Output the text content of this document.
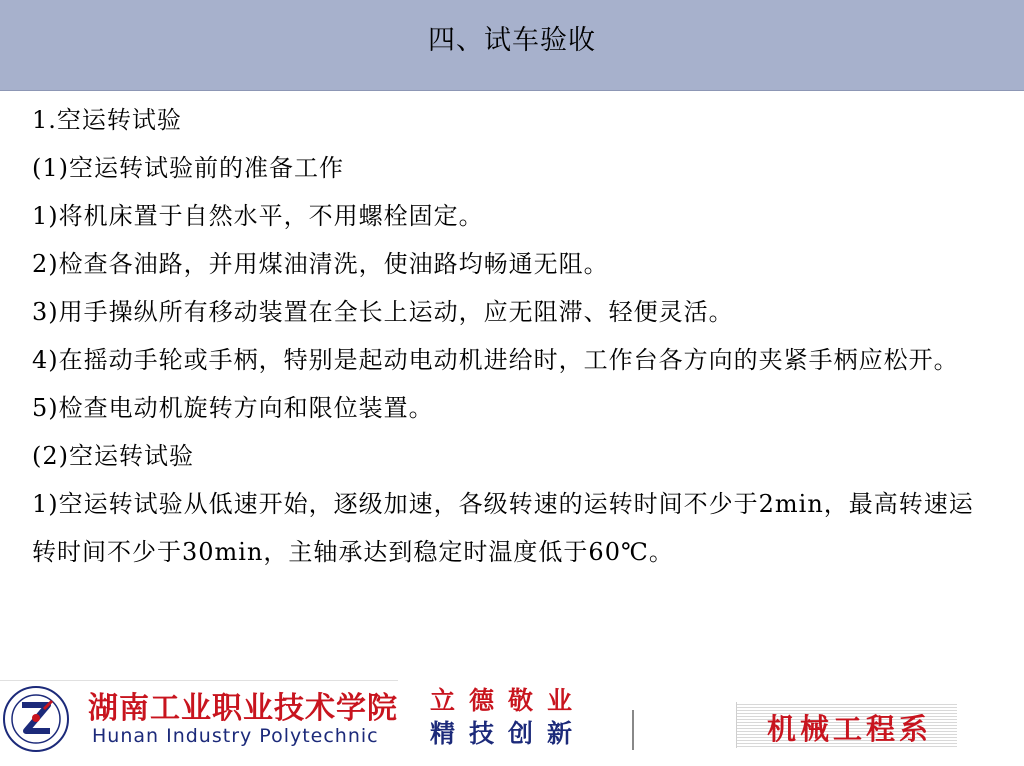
四、试车验收

1.空运转试验

(1)空运转试验前的准备工作

1)将机床置于自然水平，不用螺栓固定。

2)检查各油路，并用煤油清洗，使油路均畅通无阻。

3)用手操纵所有移动装置在全长上运动，应无阻滞、轻便灵活。

4)在摇动手轮或手柄，特别是起动电动机进给时，工作台各方向的夹紧手柄应松开。

5)检查电动机旋转方向和限位装置。

(2)空运转试验

1)空运转试验从低速开始，逐级加速，各级转速的运转时间不少于2min，最高转速运转时间不少于30min，主轴承达到稳定时温度低于60℃。

湖南工业职业技术学院
Hunan Industry Polytechnic
立德敬业
精技创新	机械工程系
